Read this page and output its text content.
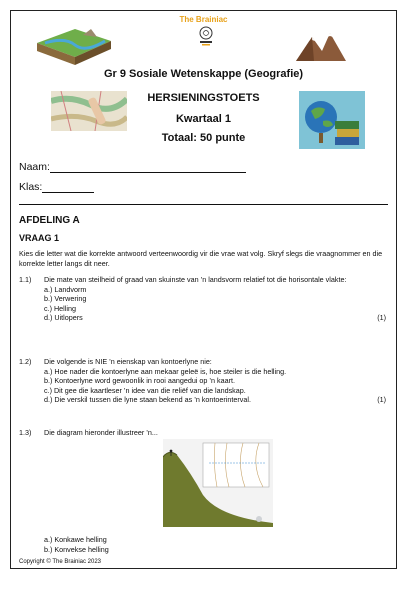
The Brainiac
Gr 9 Sosiale Wetenskappe (Geografie)
HERSIENINGSTOETS
Kwartaal 1
Totaal: 50 punte
Naam:
Klas:
AFDELING A
VRAAG 1
Kies die letter wat die korrekte antwoord verteenwoordig vir die vrae wat volg. Skryf slegs die vraagnommer en die korrekte letter langs dit neer.
1.1) Die mate van steilheid of graad van skuinste van ’n landsvorm relatief tot die horisontale vlakte:
a.) Landvorm
b.) Verwering
c.) Helling
d.) Uitlopers	(1)
1.2) Die volgende is NIE ’n eienskap van kontoerlyne nie:
a.) Hoe nader die kontoerlyne aan mekaar geleë is, hoe steiler is die helling.
b.) Kontoerlyne word gewoonlik in rooi aangedui op ’n kaart.
c.) Dit gee die kaartleser ’n idee van die reliëf van die landskap.
d.) Die verskil tussen die lyne staan bekend as ’n kontoerinterval.	(1)
1.3) Die diagram hieronder illustreer ’n...
a.) Konkawe helling
b.) Konvekse helling
Copyright © The Brainiac 2023
